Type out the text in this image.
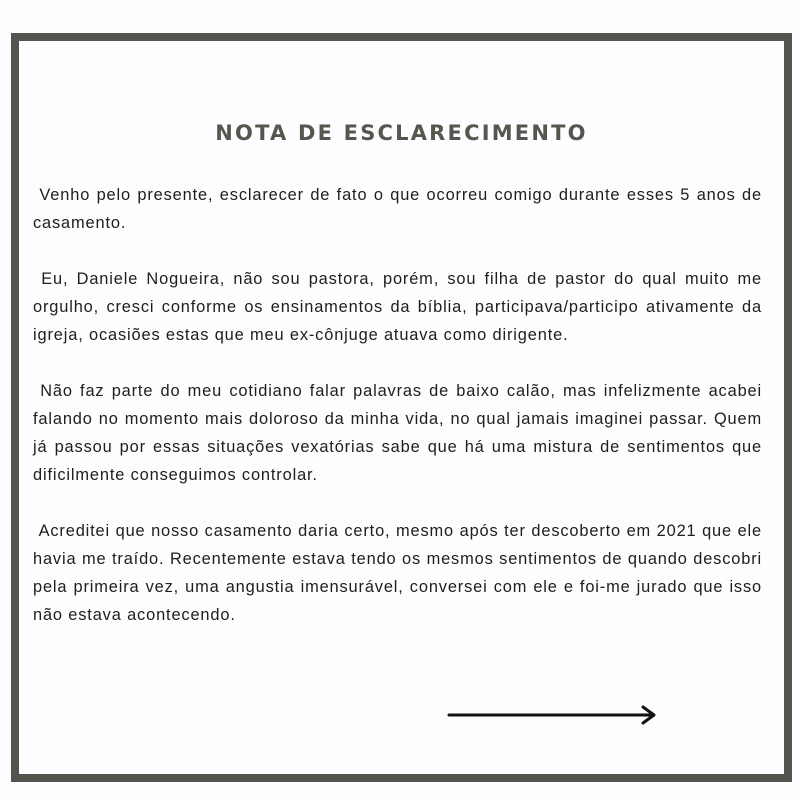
NOTA DE ESCLARECIMENTO

Venho pelo presente, esclarecer de fato o que ocorreu comigo durante esses 5 anos de casamento.

Eu, Daniele Nogueira, não sou pastora, porém, sou filha de pastor do qual muito me orgulho, cresci conforme os ensinamentos da bíblia, participava/participo ativamente da igreja, ocasiões estas que meu ex-cônjuge atuava como dirigente.

Não faz parte do meu cotidiano falar palavras de baixo calão, mas infelizmente acabei falando no momento mais doloroso da minha vida, no qual jamais imaginei passar. Quem já passou por essas situações vexatórias sabe que há uma mistura de sentimentos que dificilmente conseguimos controlar.

Acreditei que nosso casamento daria certo, mesmo após ter descoberto em 2021 que ele havia me traído. Recentemente estava tendo os mesmos sentimentos de quando descobri pela primeira vez, uma angustia imensurável, conversei com ele e foi-me jurado que isso não estava acontecendo.
